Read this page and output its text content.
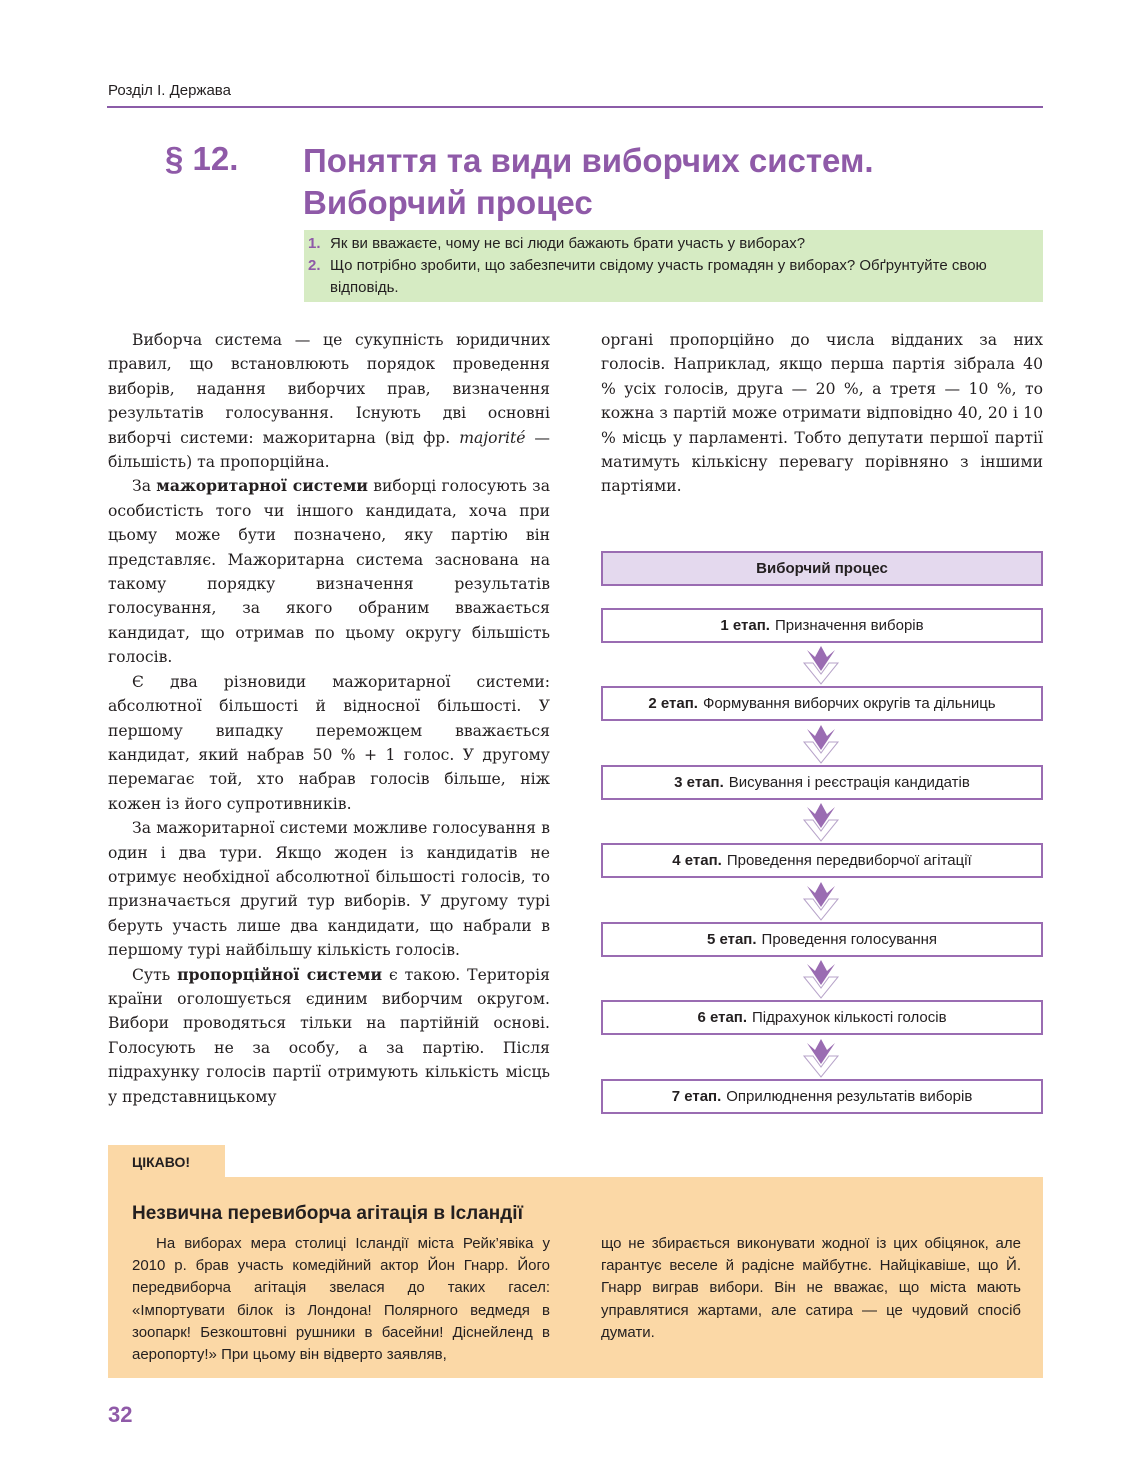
Розділ І. Держава
§ 12. Поняття та види виборчих систем. Виборчий процес
1. Як ви вважаєте, чому не всі люди бажають брати участь у виборах?
2. Що потрібно зробити, що забезпечити свідому участь громадян у виборах? Обґрунтуйте свою відповідь.

Виборча система — це сукупність юридичних правил, що встановлюють порядок проведення виборів, надання виборчих прав, визначення результатів голосування. Існують дві основні виборчі системи: мажоритарна (від фр. majorité — більшість) та пропорційна.

За мажоритарної системи виборці голосують за особистість того чи іншого кандидата, хоча при цьому може бути позначено, яку партію він представляє. Мажоритарна система заснована на такому порядку визначення результатів голосування, за якого обраним вважається кандидат, що отримав по цьому округу більшість голосів.

Є два різновиди мажоритарної системи: абсолютної більшості й відносної більшості. У першому випадку переможцем вважається кандидат, який набрав 50 % + 1 голос. У другому перемагає той, хто набрав голосів більше, ніж кожен із його супротивників.

За мажоритарної системи можливе голосування в один і два тури. Якщо жоден із кандидатів не отримує необхідної абсолютної більшості голосів, то призначається другий тур виборів. У другому турі беруть участь лише два кандидати, що набрали в першому турі найбільшу кількість голосів.

Суть пропорційної системи є такою. Територія країни оголошується єдиним виборчим округом. Вибори проводяться тільки на партійній основі. Голосують не за особу, а за партію. Після підрахунку голосів партії отримують кількість місць у представницькому

органі пропорційно до числа відданих за них голосів. Наприклад, якщо перша партія зібрала 40 % усіх голосів, друга — 20 %, а третя — 10 %, то кожна з партій може отримати відповідно 40, 20 і 10 % місць у парламенті. Тобто депутати першої партії матимуть кількісну перевагу порівняно з іншими партіями.

Виборчий процес
1 етап. Призначення виборів
2 етап. Формування виборчих округів та дільниць
3 етап. Висування і реєстрація кандидатів
4 етап. Проведення передвиборчої агітації
5 етап. Проведення голосування
6 етап. Підрахунок кількості голосів
7 етап. Оприлюднення результатів виборів
ЦІКАВО!
Незвична перевиборча агітація в Ісландії

На виборах мера столиці Ісландії міста Рейк’явіка у 2010 р. брав участь комедійний актор Йон Гнарр. Його передвиборча агітація звелася до таких гасел: «Імпортувати білок із Лондона! Полярного ведмедя в зоопарк! Безкоштовні рушники в басейни! Діснейленд в аеропорту!» При цьому він відверто заявляв,

що не збирається виконувати жодної із цих обіцянок, але гарантує веселе й радісне майбутнє. Найцікавіше, що Й. Гнарр виграв вибори. Він не вважає, що міста мають управлятися жартами, але сатира — це чудовий спосіб думати.

32
